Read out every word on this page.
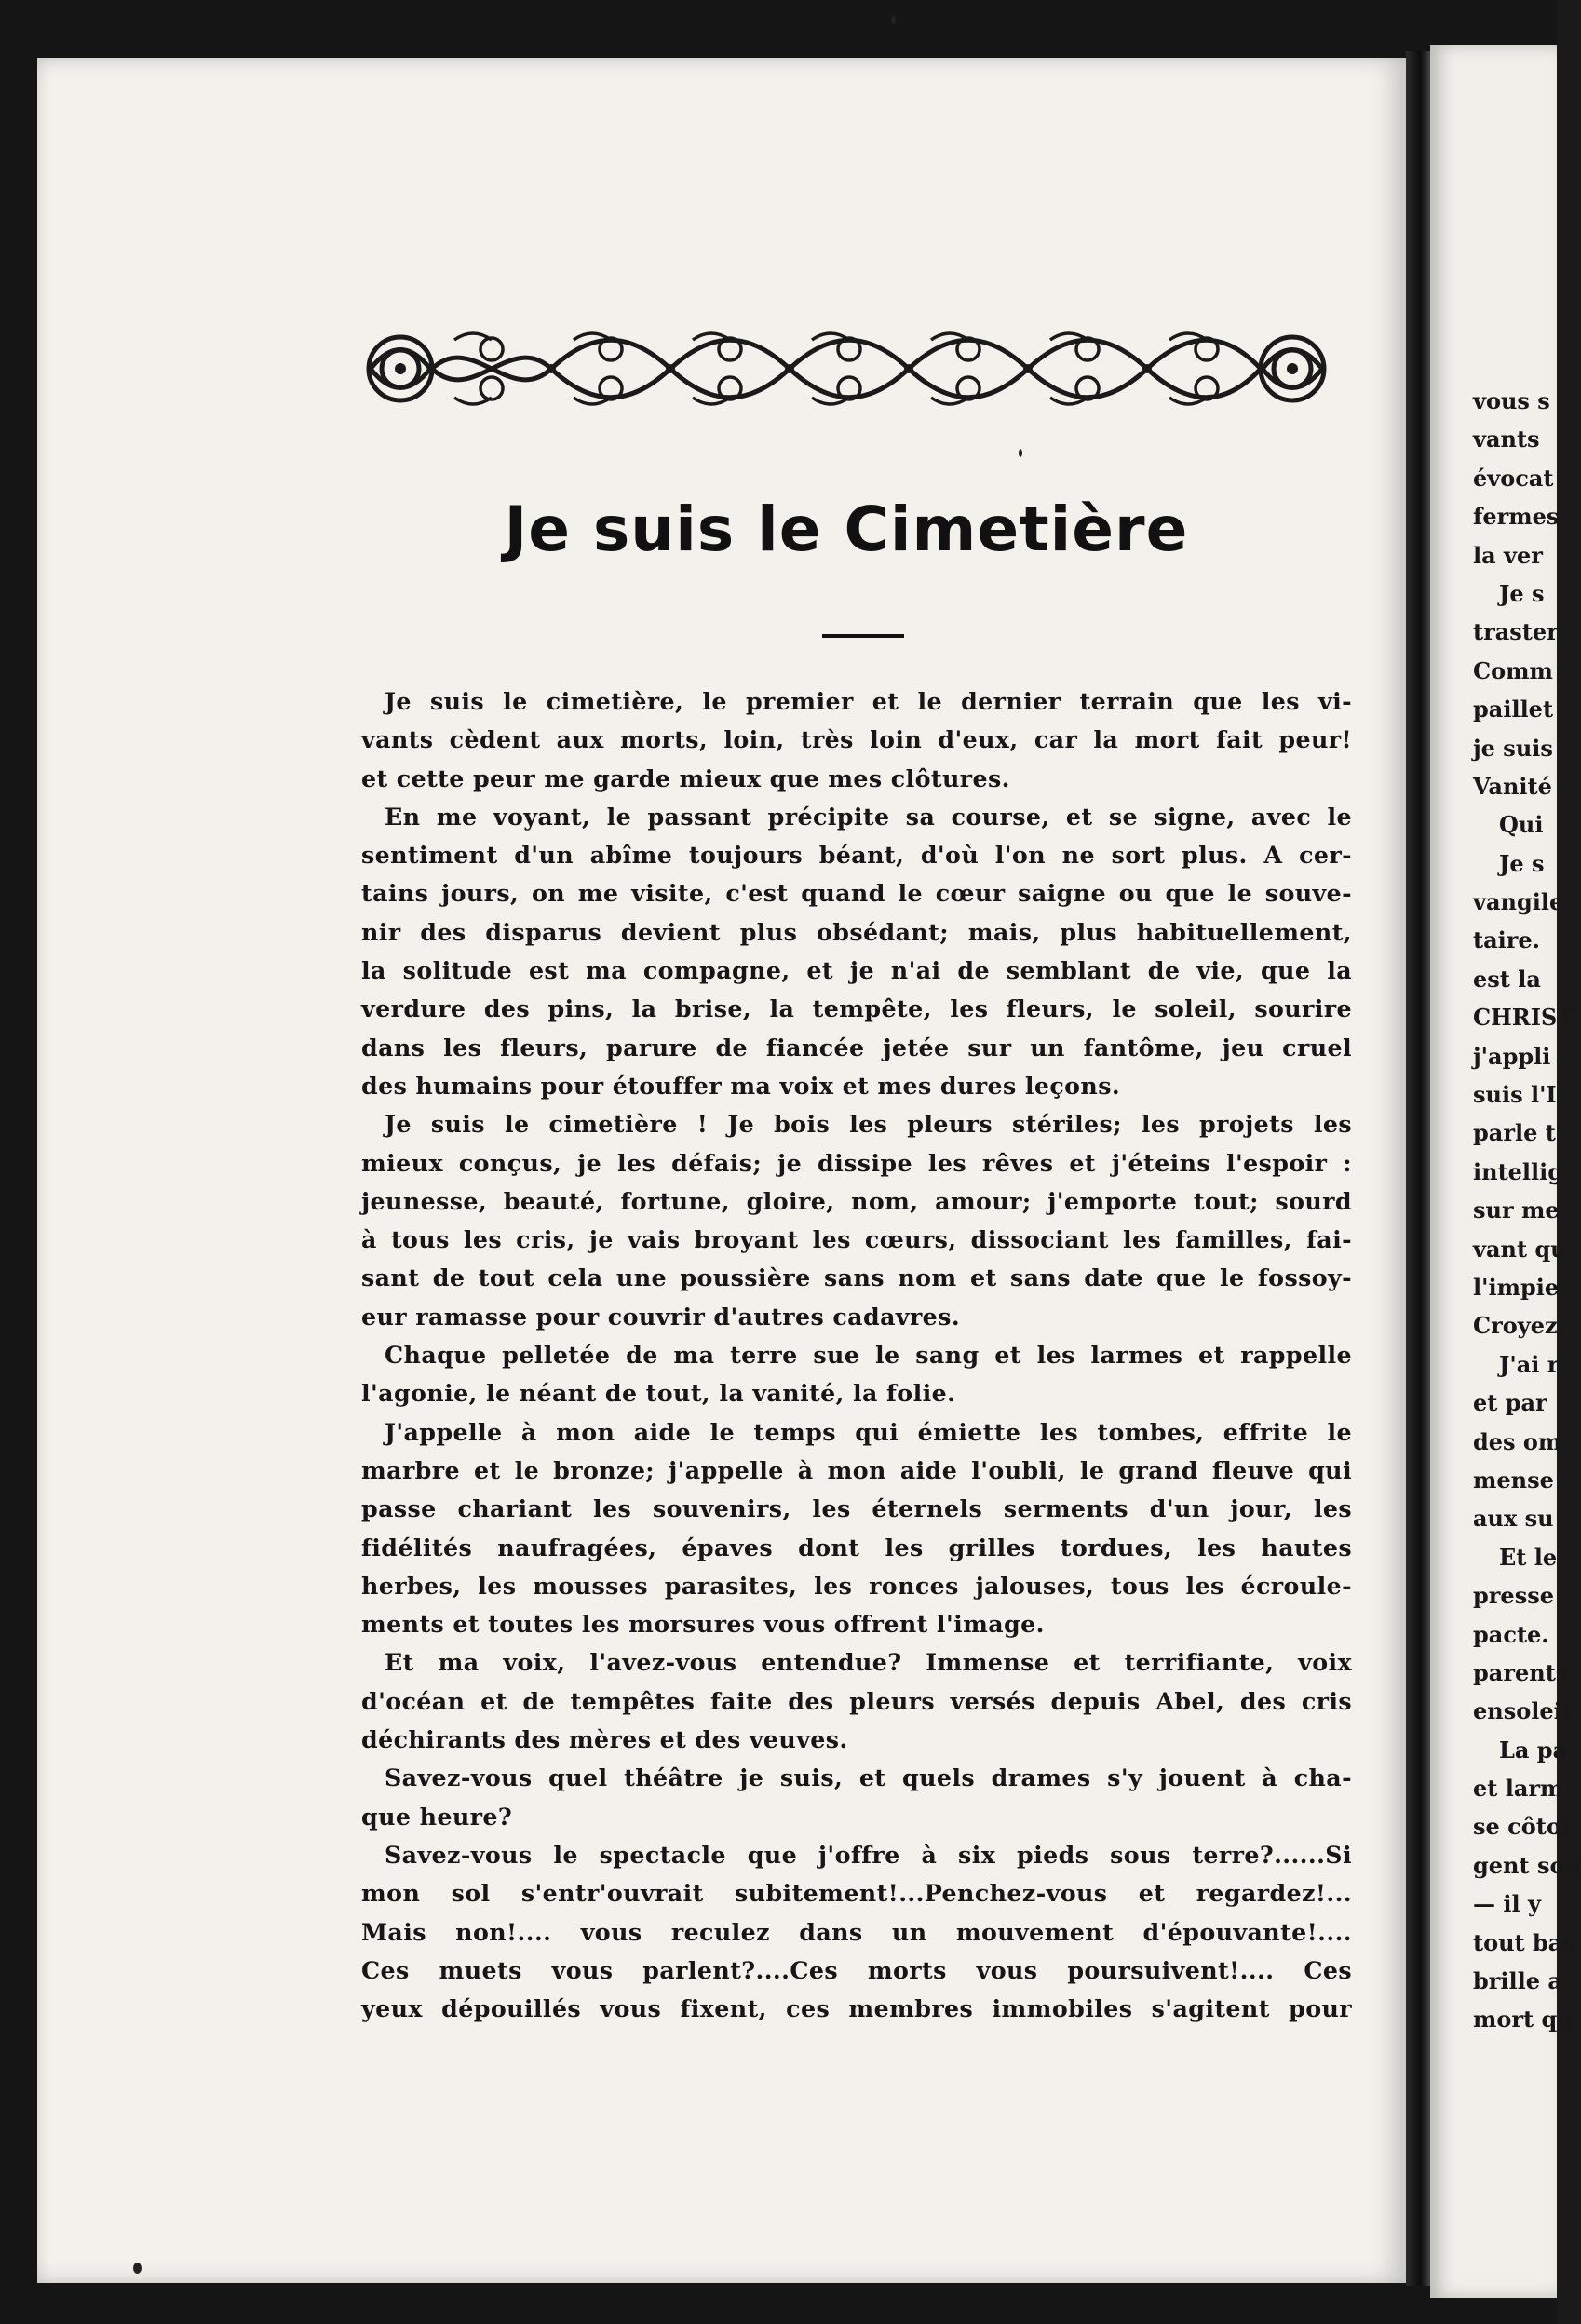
Je suis le Cimetière
Je suis le cimetière, le premier et le dernier terrain que les vi-
vants cèdent aux morts, loin, très loin d'eux, car la mort fait peur!
et cette peur me garde mieux que mes clôtures.
En me voyant, le passant précipite sa course, et se signe, avec le
sentiment d'un abîme toujours béant, d'où l'on ne sort plus. A cer-
tains jours, on me visite, c'est quand le cœur saigne ou que le souve-
nir des disparus devient plus obsédant; mais, plus habituellement,
la solitude est ma compagne, et je n'ai de semblant de vie, que la
verdure des pins, la brise, la tempête, les fleurs, le soleil, sourire
dans les fleurs, parure de fiancée jetée sur un fantôme, jeu cruel
des humains pour étouffer ma voix et mes dures leçons.
Je suis le cimetière ! Je bois les pleurs stériles; les projets les
mieux conçus, je les défais; je dissipe les rêves et j'éteins l'espoir :
jeunesse, beauté, fortune, gloire, nom, amour; j'emporte tout; sourd
à tous les cris, je vais broyant les cœurs, dissociant les familles, fai-
sant de tout cela une poussière sans nom et sans date que le fossoy-
eur ramasse pour couvrir d'autres cadavres.
Chaque pelletée de ma terre sue le sang et les larmes et rappelle
l'agonie, le néant de tout, la vanité, la folie.
J'appelle à mon aide le temps qui émiette les tombes, effrite le
marbre et le bronze; j'appelle à mon aide l'oubli, le grand fleuve qui
passe chariant les souvenirs, les éternels serments d'un jour, les
fidélités naufragées, épaves dont les grilles tordues, les hautes
herbes, les mousses parasites, les ronces jalouses, tous les écroule-
ments et toutes les morsures vous offrent l'image.
Et ma voix, l'avez-vous entendue? Immense et terrifiante, voix
d'océan et de tempêtes faite des pleurs versés depuis Abel, des cris
déchirants des mères et des veuves.
Savez-vous quel théâtre je suis, et quels drames s'y jouent à cha-
que heure?
Savez-vous le spectacle que j'offre à six pieds sous terre?......Si
mon sol s'entr'ouvrait subitement!...Penchez-vous et regardez!...
Mais non!.... vous reculez dans un mouvement d'épouvante!....
Ces muets vous parlent?....Ces morts vous poursuivent!.... Ces
yeux dépouillés vous fixent, ces membres immobiles s'agitent pour
vous s
vants
évocat
fermes
la ver
Je s
traster
Comm
paillet
je suis
Vanité
Qui
Je s
vangile
taire.
est la
CHRIST
j'appli
suis l'I
parle t
intellig
sur me
vant qu
l'impie
Croyez,
J'ai r
et par
des om
mense
aux su
Et le
presse
pacte.
parents
ensoleil
La pa
et larm
se côtoi
gent sou
— il y
tout bas
brille a
mort qu
